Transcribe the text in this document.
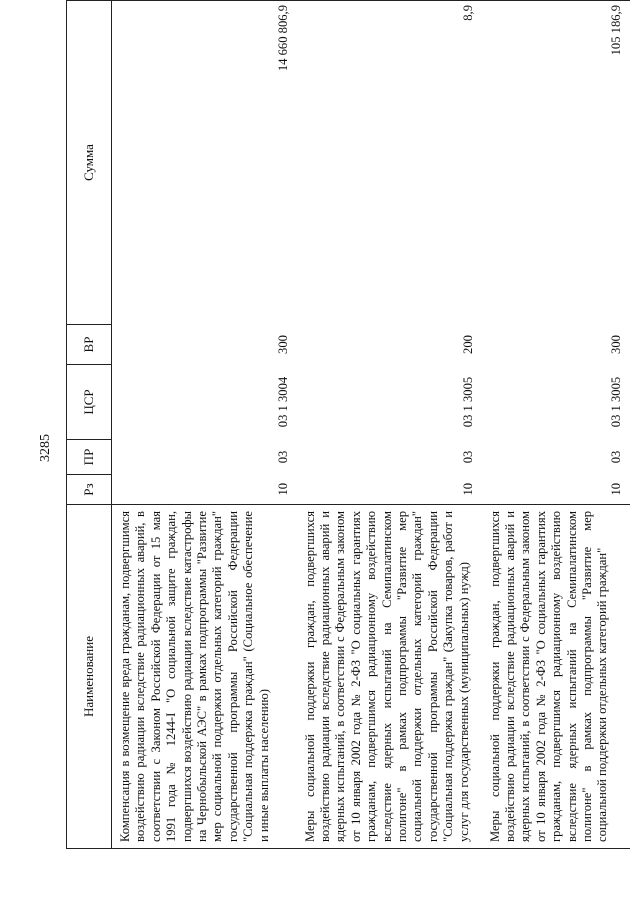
3285
Наименование	Рз	ПР	ЦСР	ВР	Сумма
Компенсация в возмещение вреда гражданам, подвергшимся воздействию радиации вследствие радиационных аварий, в соответствии с Законом Российской Федерации от 15 мая 1991 года № 1244-I "О социальной защите граждан, подвергшихся воздействию радиации вследствие катастрофы на Чернобыльской АЭС" в рамках подпрограммы "Развитие мер социальной поддержки отдельных категорий граждан" государственной программы Российской Федерации "Социальная поддержка граждан" (Социальное обеспечение и иные выплаты населению)	10	03	03 1 3004	300	14 660 806,9
Меры социальной поддержки граждан, подвергшихся воздействию радиации вследствие радиационных аварий и ядерных испытаний, в соответствии с Федеральным законом от 10 января 2002 года № 2-ФЗ "О социальных гарантиях гражданам, подвергшимся радиационному воздействию вследствие ядерных испытаний на Семипалатинском полигоне" в рамках подпрограммы "Развитие мер социальной поддержки отдельных категорий граждан" государственной программы Российской Федерации "Социальная поддержка граждан" (Закупка товаров, работ и услуг для государственных (муниципальных) нужд)	10	03	03 1 3005	200	8,9
Меры социальной поддержки граждан, подвергшихся воздействию радиации вследствие радиационных аварий и ядерных испытаний, в соответствии с Федеральным законом от 10 января 2002 года № 2-ФЗ "О социальных гарантиях гражданам, подвергшимся радиационному воздействию вследствие ядерных испытаний на Семипалатинском полигоне" в рамках подпрограммы "Развитие мер социальной поддержки отдельных категорий граждан"	10	03	03 1 3005	300	105 186,9
